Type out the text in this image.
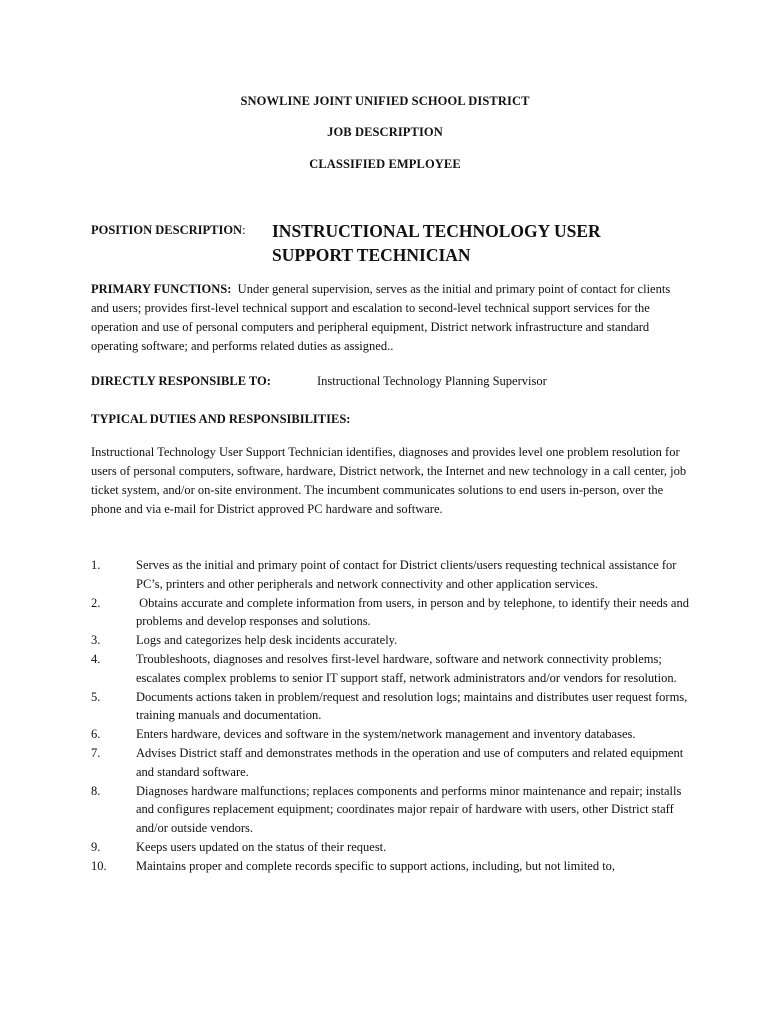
SNOWLINE JOINT UNIFIED SCHOOL DISTRICT
JOB DESCRIPTION
CLASSIFIED EMPLOYEE
POSITION DESCRIPTION: INSTRUCTIONAL TECHNOLOGY USER
SUPPORT TECHNICIAN

PRIMARY FUNCTIONS: Under general supervision, serves as the initial and primary point of contact for clients and users; provides first-level technical support and escalation to second-level technical support services for the operation and use of personal computers and peripheral equipment, District network infrastructure and standard operating software; and performs related duties as assigned..

DIRECTLY RESPONSIBLE TO:	Instructional Technology Planning Supervisor
TYPICAL DUTIES AND RESPONSIBILITIES:

Instructional Technology User Support Technician identifies, diagnoses and provides level one problem resolution for users of personal computers, software, hardware, District network, the Internet and new technology in a call center, job ticket system, and/or on-site environment. The incumbent communicates solutions to end users in-person, over the phone and via e-mail for District approved PC hardware and software.

1.	Serves as the initial and primary point of contact for District clients/users requesting technical assistance for PC’s, printers and other peripherals and network connectivity and other application services.
2.	Obtains accurate and complete information from users, in person and by telephone, to identify their needs and problems and develop responses and solutions.
3.	Logs and categorizes help desk incidents accurately.
4.	Troubleshoots, diagnoses and resolves first-level hardware, software and network connectivity problems; escalates complex problems to senior IT support staff, network administrators and/or vendors for resolution.
5.	Documents actions taken in problem/request and resolution logs; maintains and distributes user request forms, training manuals and documentation.
6.	Enters hardware, devices and software in the system/network management and inventory databases.
7.	Advises District staff and demonstrates methods in the operation and use of computers and related equipment and standard software.
8.	Diagnoses hardware malfunctions; replaces components and performs minor maintenance and repair; installs and configures replacement equipment; coordinates major repair of hardware with users, other District staff and/or outside vendors.
9.	Keeps users updated on the status of their request.
10.	Maintains proper and complete records specific to support actions, including, but not limited to,
